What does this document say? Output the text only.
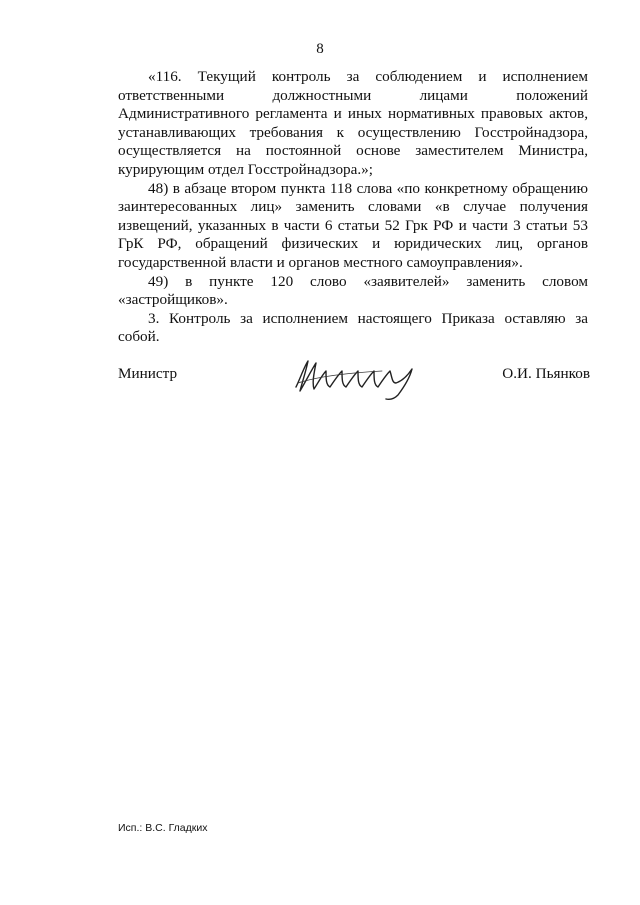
8

«116. Текущий контроль за соблюдением и исполнением ответственными должностными лицами положений Административного регламента и иных нормативных правовых актов, устанавливающих требования к осуществлению Госстройнадзора, осуществляется на постоянной основе заместителем Министра, курирующим отдел Госстройнадзора.»;

48) в абзаце втором пункта 118 слова «по конкретному обращению заинтересованных лиц» заменить словами «в случае получения извещений, указанных в части 6 статьи 52 Грк РФ и части 3 статьи 53 ГрК РФ, обращений физических и юридических лиц, органов государственной власти и органов местного самоуправления».

49) в пункте 120 слово «заявителей» заменить словом «застройщиков».

3. Контроль за исполнением настоящего Приказа оставляю за собой.

Министр	О.И. Пьянков
Исп.: В.С. Гладких
